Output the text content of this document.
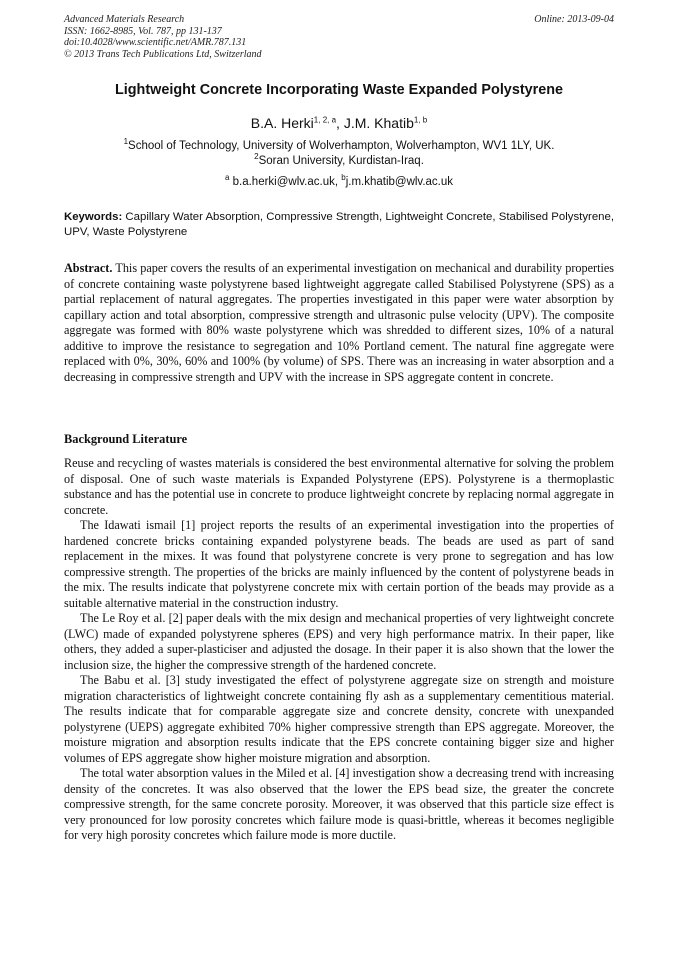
Advanced Materials Research
ISSN: 1662-8985, Vol. 787, pp 131-137
doi:10.4028/www.scientific.net/AMR.787.131
© 2013 Trans Tech Publications Ltd, Switzerland
Online: 2013-09-04
Lightweight Concrete Incorporating Waste Expanded Polystyrene
B.A. Herki$^{1, 2, a}$, J.M. Khatib$^{1, b}$
$^1$School of Technology, University of Wolverhampton, Wolverhampton, WV1 1LY, UK.
$^2$Soran University, Kurdistan-Iraq.
$^a$ b.a.herki@wlv.ac.uk, $^b$j.m.khatib@wlv.ac.uk
Keywords: Capillary Water Absorption, Compressive Strength, Lightweight Concrete, Stabilised Polystyrene, UPV, Waste Polystyrene
Abstract. This paper covers the results of an experimental investigation on mechanical and durability properties of concrete containing waste polystyrene based lightweight aggregate called Stabilised Polystyrene (SPS) as a partial replacement of natural aggregates. The properties investigated in this paper were water absorption by capillary action and total absorption, compressive strength and ultrasonic pulse velocity (UPV). The composite aggregate was formed with 80% waste polystyrene which was shredded to different sizes, 10% of a natural additive to improve the resistance to segregation and 10% Portland cement. The natural fine aggregate were replaced with 0%, 30%, 60% and 100% (by volume) of SPS. There was an increasing in water absorption and a decreasing in compressive strength and UPV with the increase in SPS aggregate content in concrete.
Background Literature

Reuse and recycling of wastes materials is considered the best environmental alternative for solving the problem of disposal. One of such waste materials is Expanded Polystyrene (EPS). Polystyrene is a thermoplastic substance and has the potential use in concrete to produce lightweight concrete by replacing normal aggregate in concrete.

The Idawati ismail [1] project reports the results of an experimental investigation into the properties of hardened concrete bricks containing expanded polystyrene beads. The beads are used as part of sand replacement in the mixes. It was found that polystyrene concrete is very prone to segregation and has low compressive strength. The properties of the bricks are mainly influenced by the content of polystyrene beads in the mix. The results indicate that polystyrene concrete mix with certain portion of the beads may provide as a suitable alternative material in the construction industry.

The Le Roy et al. [2] paper deals with the mix design and mechanical properties of very lightweight concrete (LWC) made of expanded polystyrene spheres (EPS) and very high performance matrix. In their paper, like others, they added a super-plasticiser and adjusted the dosage. In their paper it is also shown that the lower the inclusion size, the higher the compressive strength of the hardened concrete.

The Babu et al. [3] study investigated the effect of polystyrene aggregate size on strength and moisture migration characteristics of lightweight concrete containing fly ash as a supplementary cementitious material. The results indicate that for comparable aggregate size and concrete density, concrete with unexpanded polystyrene (UEPS) aggregate exhibited 70% higher compressive strength than EPS aggregate. Moreover, the moisture migration and absorption results indicate that the EPS concrete containing bigger size and higher volumes of EPS aggregate show higher moisture migration and absorption.

The total water absorption values in the Miled et al. [4] investigation show a decreasing trend with increasing density of the concretes. It was also observed that the lower the EPS bead size, the greater the concrete compressive strength, for the same concrete porosity. Moreover, it was observed that this particle size effect is very pronounced for low porosity concretes which failure mode is quasi-brittle, whereas it becomes negligible for very high porosity concretes which failure mode is more ductile.
